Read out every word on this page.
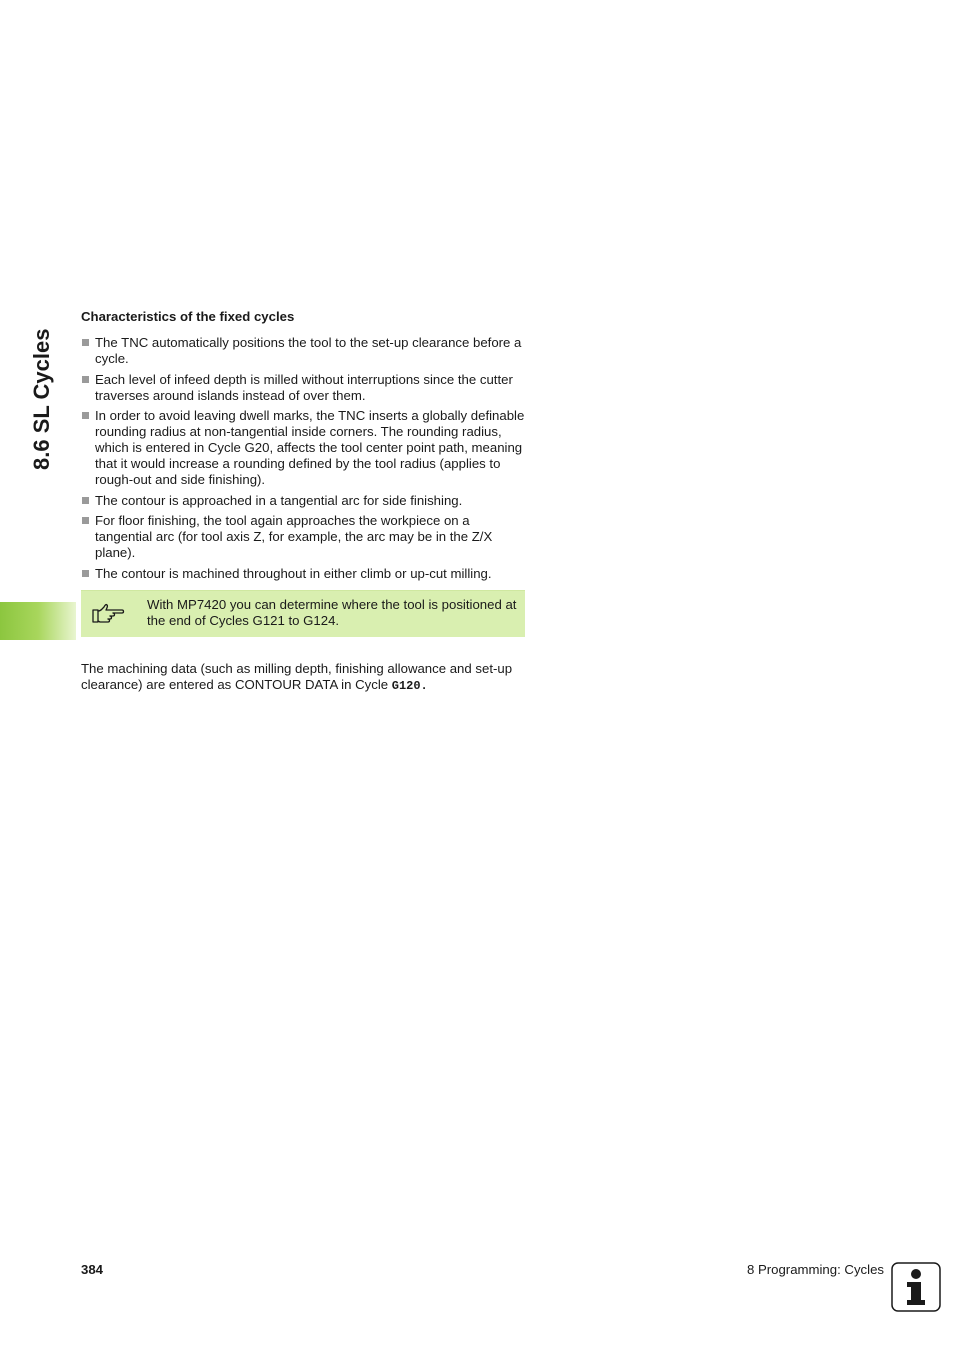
8.6 SL Cycles
Characteristics of the fixed cycles
The TNC automatically positions the tool to the set-up clearance before a cycle.
Each level of infeed depth is milled without interruptions since the cutter traverses around islands instead of over them.
In order to avoid leaving dwell marks, the TNC inserts a globally definable rounding radius at non-tangential inside corners. The rounding radius, which is entered in Cycle G20, affects the tool center point path, meaning that it would increase a rounding defined by the tool radius (applies to rough-out and side finishing).
The contour is approached in a tangential arc for side finishing.
For floor finishing, the tool again approaches the workpiece on a tangential arc (for tool axis Z, for example, the arc may be in the Z/X plane).
The contour is machined throughout in either climb or up-cut milling.
With MP7420 you can determine where the tool is positioned at the end of Cycles G121 to G124.

The machining data (such as milling depth, finishing allowance and set-up clearance) are entered as CONTOUR DATA in Cycle G120.

384	8 Programming: Cycles
